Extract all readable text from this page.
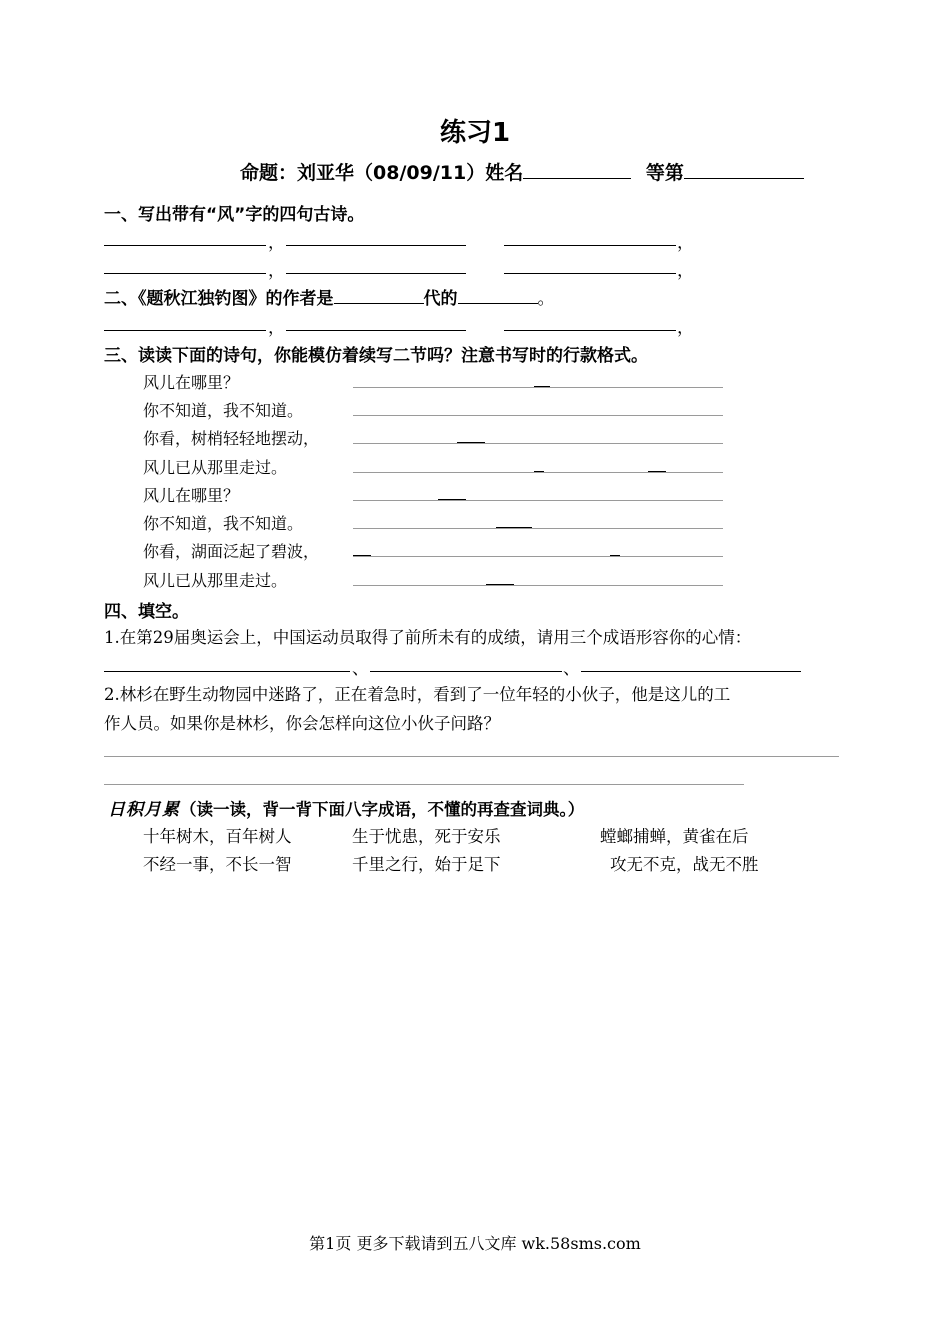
练习1
命题：刘亚华（08/09/11）姓名	等第
一、写出带有“风”字的四句古诗。
，	，
，	，
二、《题秋江独钓图》的作者是	代的	。
，	，
三、读读下面的诗句，你能模仿着续写二节吗？注意书写时的行款格式。
风儿在哪里？
你不知道，我不知道。
你看，树梢轻轻地摆动，
风儿已从那里走过。
风儿在哪里？
你不知道，我不知道。
你看，湖面泛起了碧波，
风儿已从那里走过。
四、填空。
1.在第29届奥运会上，中国运动员取得了前所未有的成绩，请用三个成语形容你的心情：
、	、
2.林杉在野生动物园中迷路了，正在着急时，看到了一位年轻的小伙子，他是这儿的工
作人员。如果你是林杉，你会怎样向这位小伙子问路？
日积月累（读一读，背一背下面八字成语，不懂的再查查词典。）
十年树木，百年树人	生于忧患，死于安乐	螳螂捕蝉，黄雀在后
不经一事，不长一智	千里之行，始于足下	攻无不克，战无不胜
第1页 更多下载请到五八文库 wk.58sms.com
